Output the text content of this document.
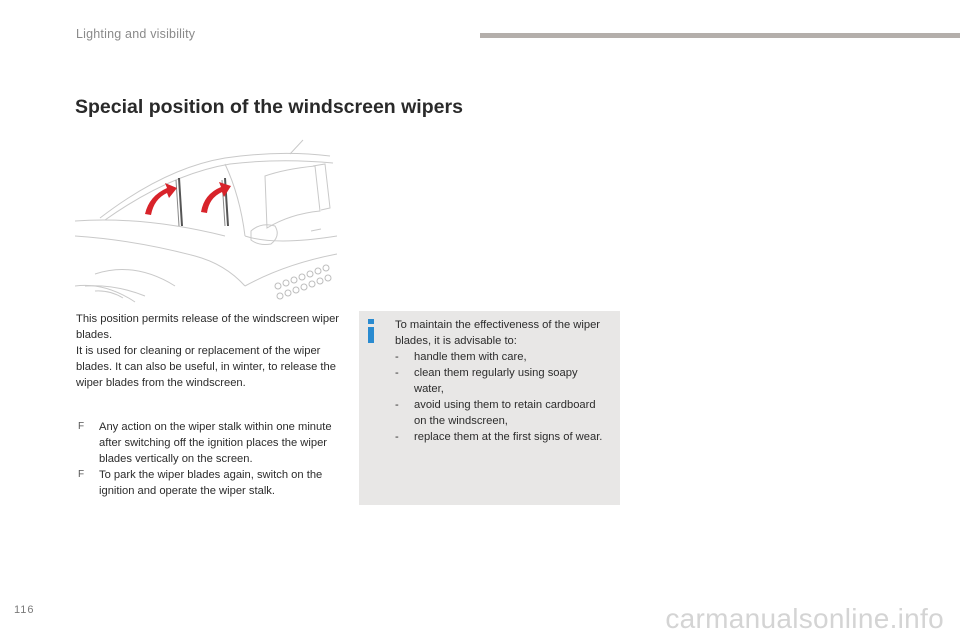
Lighting and visibility
Special position of the windscreen wipers

This position permits release of the windscreen wiper blades.

It is used for cleaning or replacement of the wiper blades. It can also be useful, in winter, to release the wiper blades from the windscreen.

F Any action on the wiper stalk within one minute after switching off the ignition places the wiper blades vertically on the screen.

F To park the wiper blades again, switch on the ignition and operate the wiper stalk.

To maintain the effectiveness of the wiper blades, it is advisable to:

- handle them with care,
- clean them regularly using soapy water,
- avoid using them to retain cardboard on the windscreen,
- replace them at the first signs of wear.
116	carmanualsonline.info
